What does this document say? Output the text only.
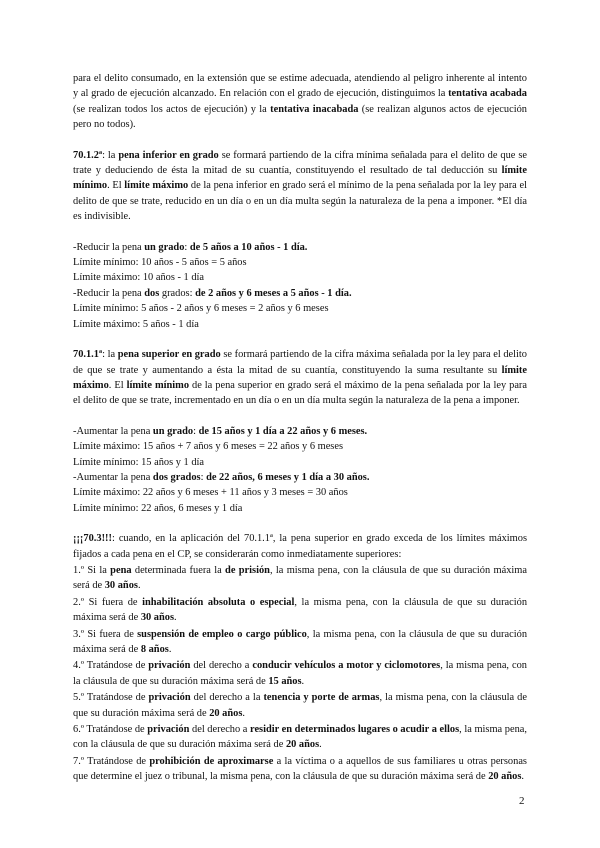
para el delito consumado, en la extensión que se estime adecuada, atendiendo al peligro inherente al intento y al grado de ejecución alcanzado. En relación con el grado de ejecución, distinguimos la tentativa acabada (se realizan todos los actos de ejecución) y la tentativa inacabada (se realizan algunos actos de ejecución pero no todos).

70.1.2ª: la pena inferior en grado se formará partiendo de la cifra mínima señalada para el delito de que se trate y deduciendo de ésta la mitad de su cuantía, constituyendo el resultado de tal deducción su límite mínimo. El límite máximo de la pena inferior en grado será el mínimo de la pena señalada por la ley para el delito de que se trate, reducido en un día o en un día multa según la naturaleza de la pena a imponer. *El día es indivisible.

-Reducir la pena un grado: de 5 años a 10 años - 1 día.

Límite mínimo: 10 años - 5 años = 5 años

Límite máximo: 10 años - 1 día

-Reducir la pena dos grados: de 2 años y 6 meses a 5 años - 1 día.

Límite mínimo: 5 años - 2 años y 6 meses = 2 años y 6 meses

Límite máximo: 5 años - 1 día

70.1.1ª: la pena superior en grado se formará partiendo de la cifra máxima señalada por la ley para el delito de que se trate y aumentando a ésta la mitad de su cuantía, constituyendo la suma resultante su límite máximo. El límite mínimo de la pena superior en grado será el máximo de la pena señalada por la ley para el delito de que se trate, incrementado en un día o en un día multa según la naturaleza de la pena a imponer.

-Aumentar la pena un grado: de 15 años y 1 día a 22 años y 6 meses.

Límite máximo: 15 años + 7 años y 6 meses = 22 años y 6 meses

Límite mínimo: 15 años y 1 día

-Aumentar la pena dos grados: de 22 años, 6 meses y 1 día a 30 años.

Límite máximo: 22 años y 6 meses + 11 años y 3 meses = 30 años

Límite mínimo: 22 años, 6 meses y 1 día

¡¡¡70.3!!!: cuando, en la aplicación del 70.1.1ª, la pena superior en grado exceda de los límites máximos fijados a cada pena en el CP, se considerarán como inmediatamente superiores:

1.º Si la pena determinada fuera la de prisión, la misma pena, con la cláusula de que su duración máxima será de 30 años.

2.º Si fuera de inhabilitación absoluta o especial, la misma pena, con la cláusula de que su duración máxima será de 30 años.

3.º Si fuera de suspensión de empleo o cargo público, la misma pena, con la cláusula de que su duración máxima será de 8 años.

4.º Tratándose de privación del derecho a conducir vehículos a motor y ciclomotores, la misma pena, con la cláusula de que su duración máxima será de 15 años.

5.º Tratándose de privación del derecho a la tenencia y porte de armas, la misma pena, con la cláusula de que su duración máxima será de 20 años.

6.º Tratándose de privación del derecho a residir en determinados lugares o acudir a ellos, la misma pena, con la cláusula de que su duración máxima será de 20 años.

7.º Tratándose de prohibición de aproximarse a la víctima o a aquellos de sus familiares u otras personas que determine el juez o tribunal, la misma pena, con la cláusula de que su duración máxima será de 20 años.

2
